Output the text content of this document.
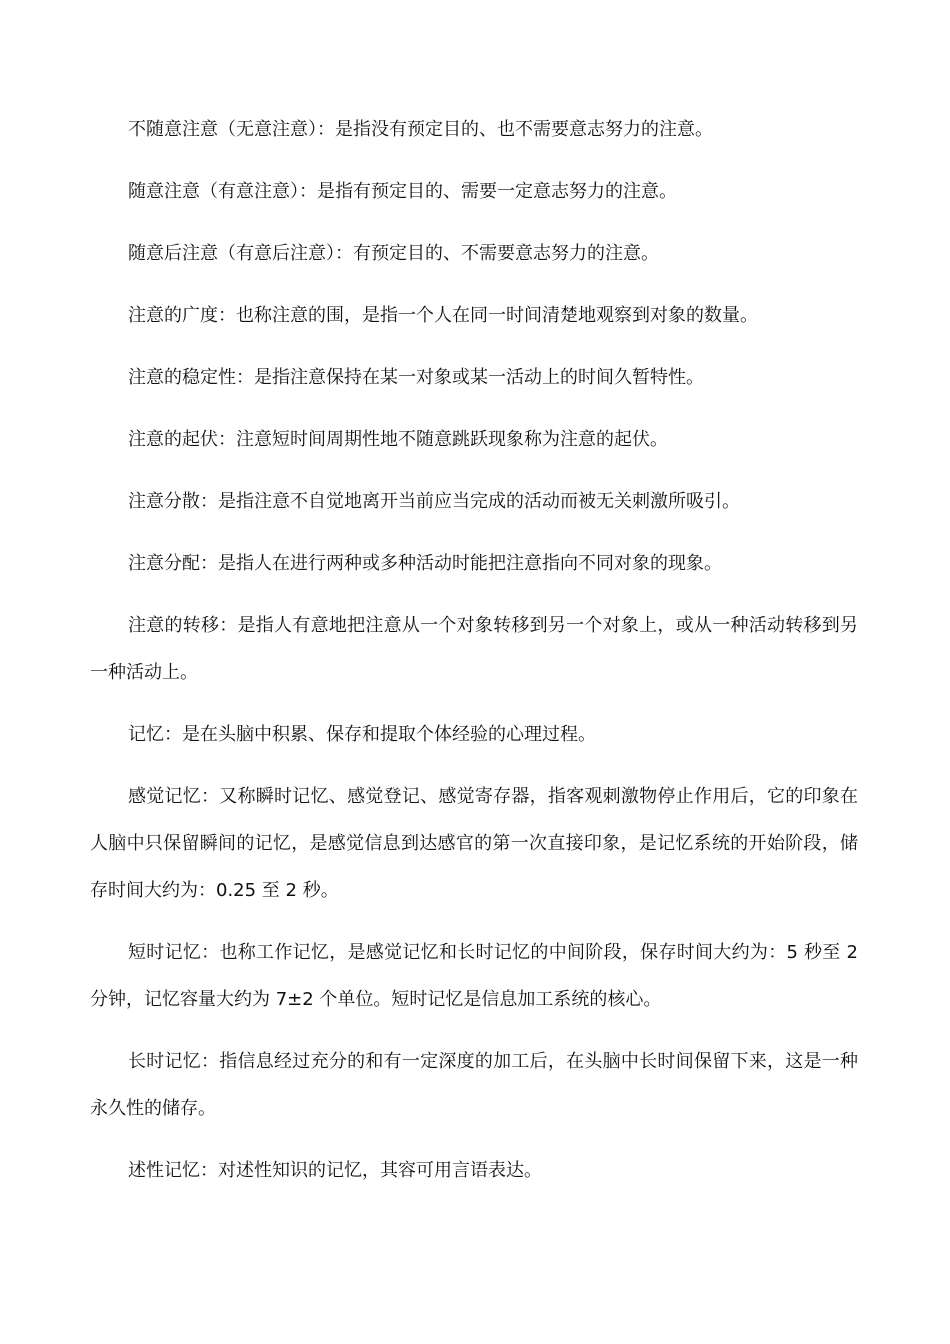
不随意注意（无意注意）：是指没有预定目的、也不需要意志努力的注意。

随意注意（有意注意）：是指有预定目的、需要一定意志努力的注意。

随意后注意（有意后注意）：有预定目的、不需要意志努力的注意。

注意的广度：也称注意的围，是指一个人在同一时间清楚地观察到对象的数量。

注意的稳定性：是指注意保持在某一对象或某一活动上的时间久暂特性。

注意的起伏：注意短时间周期性地不随意跳跃现象称为注意的起伏。

注意分散：是指注意不自觉地离开当前应当完成的活动而被无关刺激所吸引。

注意分配：是指人在进行两种或多种活动时能把注意指向不同对象的现象。

注意的转移：是指人有意地把注意从一个对象转移到另一个对象上，或从一种活动转移到另一种活动上。

记忆：是在头脑中积累、保存和提取个体经验的心理过程。

感觉记忆：又称瞬时记忆、感觉登记、感觉寄存器，指客观刺激物停止作用后，它的印象在人脑中只保留瞬间的记忆，是感觉信息到达感官的第一次直接印象，是记忆系统的开始阶段，储存时间大约为：0.25 至 2 秒。

短时记忆：也称工作记忆，是感觉记忆和长时记忆的中间阶段，保存时间大约为：5 秒至 2 分钟，记忆容量大约为 7±2 个单位。短时记忆是信息加工系统的核心。

长时记忆：指信息经过充分的和有一定深度的加工后，在头脑中长时间保留下来，这是一种永久性的储存。

述性记忆：对述性知识的记忆，其容可用言语表达。
